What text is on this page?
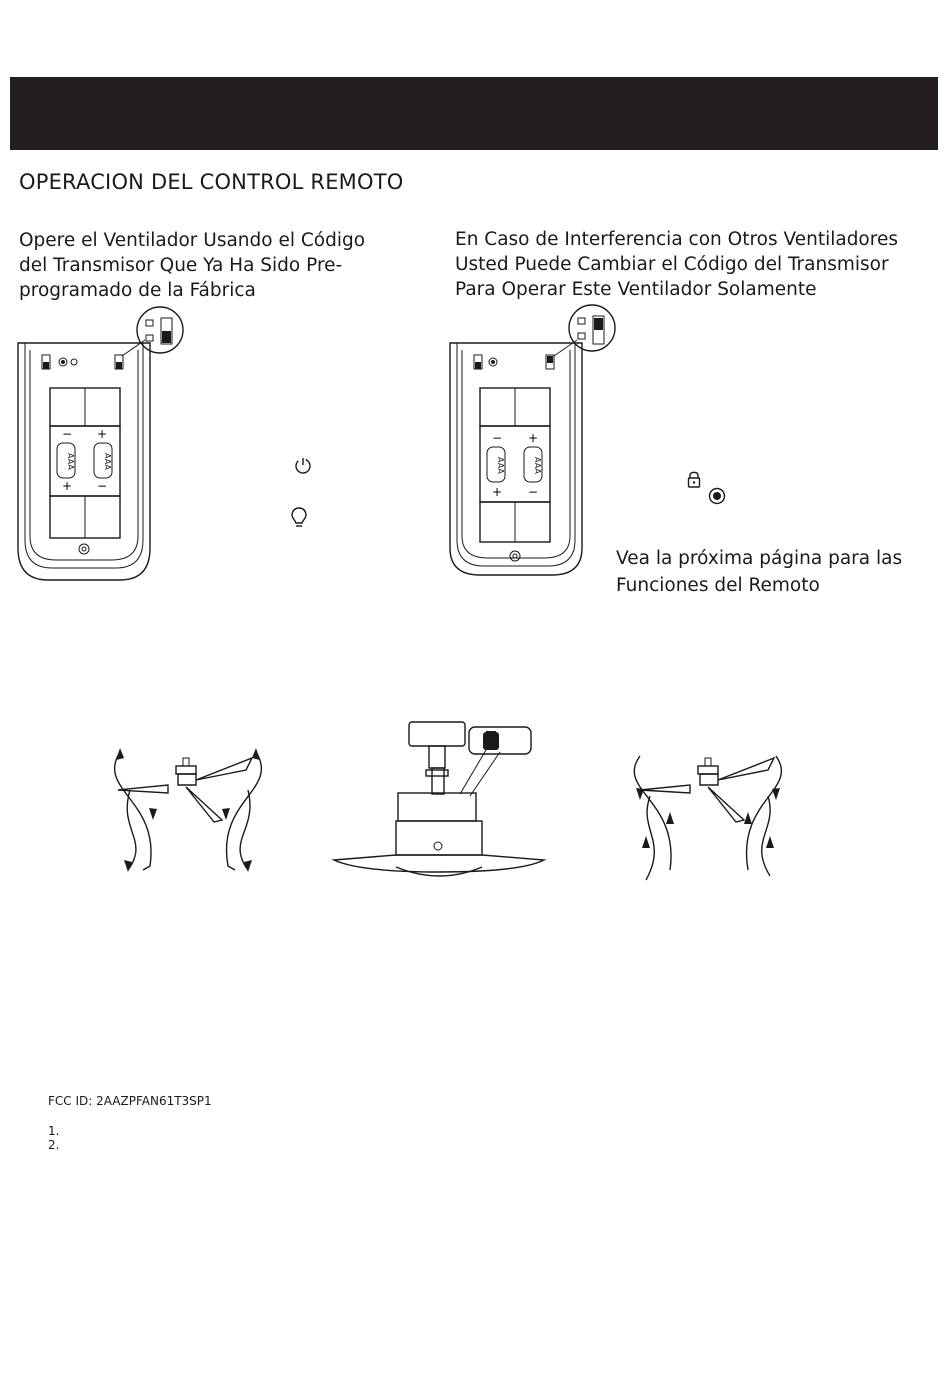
OPERACION DEL CONTROL REMOTO
Opere el Ventilador Usando el Código
del Transmisor Que Ya Ha Sido Pre-
programado de la Fábrica
En Caso de Interferencia con Otros Ventiladores
Usted Puede Cambiar el Código del Transmisor
Para Operar Este Ventilador Solamente
Vea la próxima página para las
Funciones del Remoto
− +
+ −
AAA	AAA
− +
+ −
AAA	AAA
FCC ID: 2AAZPFAN61T3SP1
1.
2.
